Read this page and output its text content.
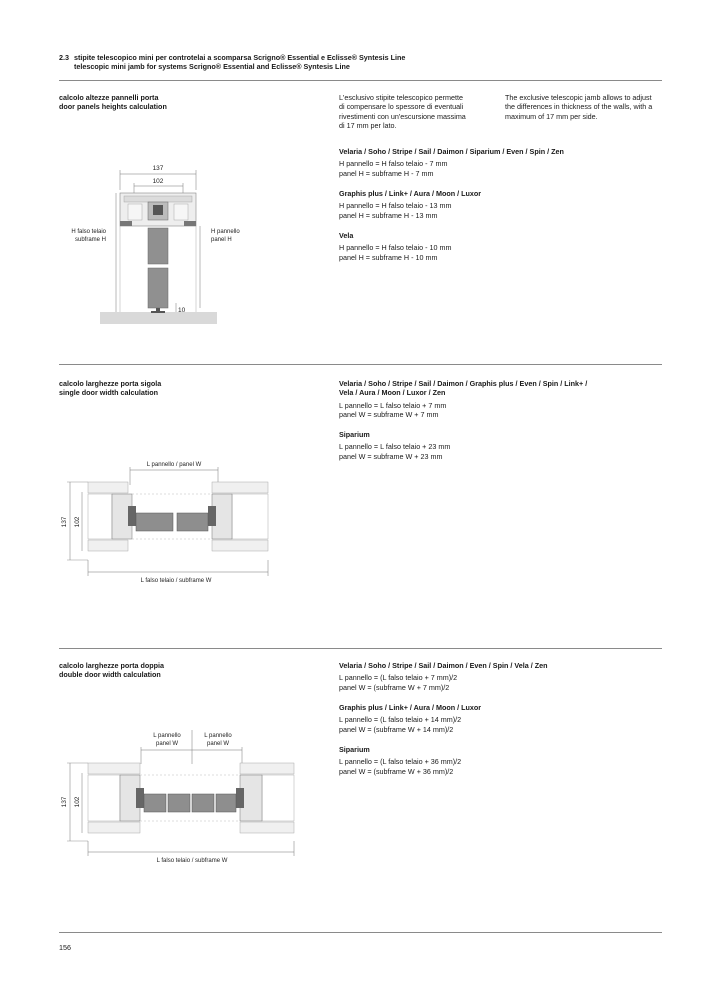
2.3 stipite telescopico mini per controtelai a scomparsa Scrigno® Essential e Eclisse® Syntesis Line
telescopic mini jamb for systems Scrigno® Essential and Eclisse® Syntesis Line
calcolo altezze pannelli porta
door panels heights calculation
L'esclusivo stipite telescopico permette
di compensare lo spessore di eventuali
rivestimenti con un'escursione massima
di 17 mm per lato.
The exclusive telescopic jamb allows to adjust
the differences in thickness of the walls, with a
maximum of 17 mm per side.
Velaria / Soho / Stripe / Sail / Daimon / Siparium / Even / Spin / Zen
H pannello = H falso telaio - 7 mm
panel H = subframe H - 7 mm
Graphis plus / Link+ / Aura / Moon / Luxor
H pannello = H falso telaio - 13 mm
panel H = subframe H - 13 mm
Vela
H pannello = H falso telaio - 10 mm
panel H = subframe H - 10 mm
137
102
10
H falso telaio
subframe H
H pannello
panel H
calcolo larghezze porta sigola
single door width calculation
Velaria / Soho / Stripe / Sail / Daimon / Graphis plus / Even / Spin / Link+ /
Vela / Aura / Moon / Luxor / Zen
L pannello = L falso telaio + 7 mm
panel W = subframe W + 7 mm
Siparium
L pannello = L falso telaio + 23 mm
panel W = subframe W + 23 mm
L pannello / panel W
137 102
L falso telaio / subframe W
calcolo larghezze porta doppia
double door width calculation
Velaria / Soho / Stripe / Sail / Daimon / Even / Spin / Vela / Zen
L pannello = (L falso telaio + 7 mm)/2
panel W = (subframe W + 7 mm)/2
Graphis plus / Link+ / Aura / Moon / Luxor
L pannello = (L falso telaio + 14 mm)/2
panel W = (subframe W + 14 mm)/2
Siparium
L pannello = (L falso telaio + 36 mm)/2
panel W = (subframe W + 36 mm)/2
L pannello
panel W
L pannello
panel W
137 102
L falso telaio / subframe W
156
